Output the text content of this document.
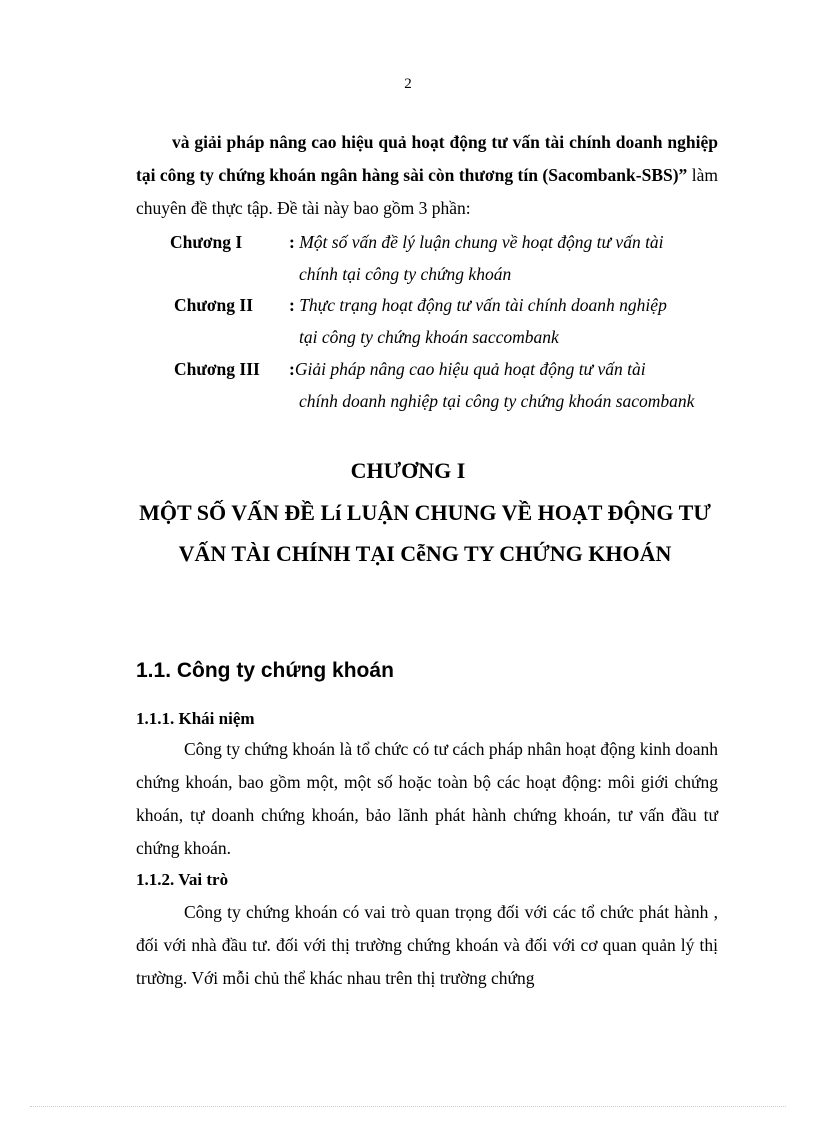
2

và giải pháp nâng cao hiệu quả hoạt động tư vấn tài chính doanh nghiệp tại công ty chứng khoán ngân hàng sài còn thương tín (Sacombank-SBS)” làm chuyên đề thực tập. Đề tài này bao gồm 3 phần:

Chương I	: Một số vấn đề lý luận chung về hoạt động tư vấn tài
chính tại công ty chứng khoán
Chương II : Thực trạng hoạt động tư vấn tài chính doanh nghiệp
tại công ty chứng khoán saccombank
Chương III :Giải pháp nâng cao hiệu quả hoạt động tư vấn tài
chính doanh nghiệp tại công ty chứng khoán sacombank
CHƯƠNG I
MỘT SỐ VẤN ĐỀ Lí LUẬN CHUNG VỀ HOẠT ĐỘNG TƯ VẤN TÀI CHÍNH TẠI CễNG TY CHỨNG KHOÁN
1.1. Công ty chứng khoán
1.1.1. Khái niệm

Công ty chứng khoán là tổ chức có tư cách pháp nhân hoạt động kinh doanh chứng khoán, bao gồm một, một số hoặc toàn bộ các hoạt động: môi giới chứng khoán, tự doanh chứng khoán, bảo lãnh phát hành chứng khoán, tư vấn đầu tư chứng khoán.

1.1.2. Vai trò

Công ty chứng khoán có vai trò quan trọng đối với các tổ chức phát hành , đối với nhà đầu tư. đối với thị trường chứng khoán và đối với cơ quan quản lý thị trường. Với mỗi chủ thể khác nhau trên thị trường chứng
